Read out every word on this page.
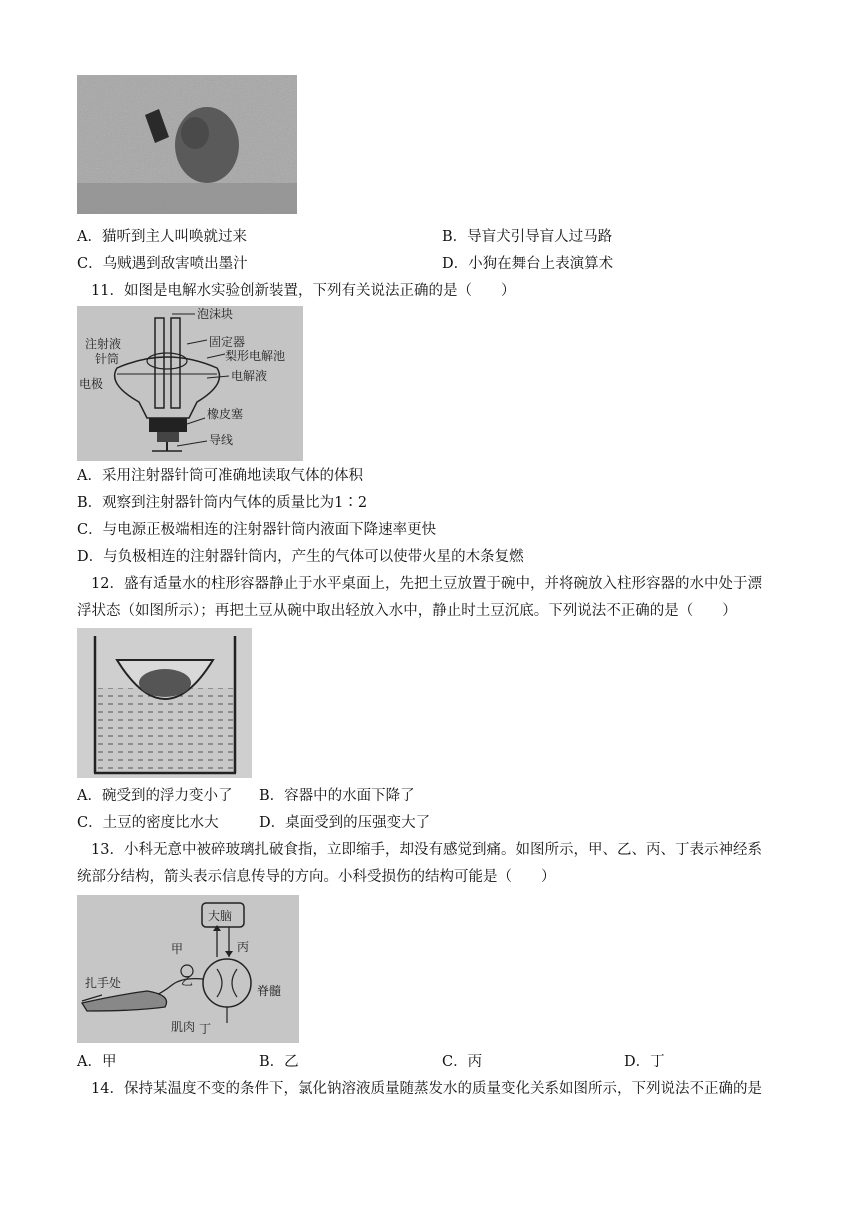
A．猫听到主人叫唤就过来	B．导盲犬引导盲人过马路
C．乌贼遇到敌害喷出墨汁	D．小狗在舞台上表演算术
11．如图是电解水实验创新装置，下列有关说法正确的是（　　）
泡沫块
注射液
针筒
固定器
梨形电解池
电解液
电极
橡皮塞
导线
A．采用注射器针筒可准确地读取气体的体积
B．观察到注射器针筒内气体的质量比为1∶2
C．与电源正极端相连的注射器针筒内液面下降速率更快
D．与负极相连的注射器针筒内，产生的气体可以使带火星的木条复燃
12．盛有适量水的柱形容器静止于水平桌面上，先把土豆放置于碗中，并将碗放入柱形容器的水中处于漂
浮状态（如图所示）；再把土豆从碗中取出轻放入水中，静止时土豆沉底。下列说法不正确的是（　　）
A．碗受到的浮力变小了 B．容器中的水面下降了
C．土豆的密度比水大	D．桌面受到的压强变大了
13．小科无意中被碎玻璃扎破食指，立即缩手，却没有感觉到痛。如图所示，甲、乙、丙、丁表示神经系
统部分结构，箭头表示信息传导的方向。小科受损伤的结构可能是（　　）
大脑
甲
乙
丙
丁
扎手处
肌肉
脊髓
A．甲	B．乙	C．丙	D．丁
14．保持某温度不变的条件下，氯化钠溶液质量随蒸发水的质量变化关系如图所示，下列说法不正确的是
